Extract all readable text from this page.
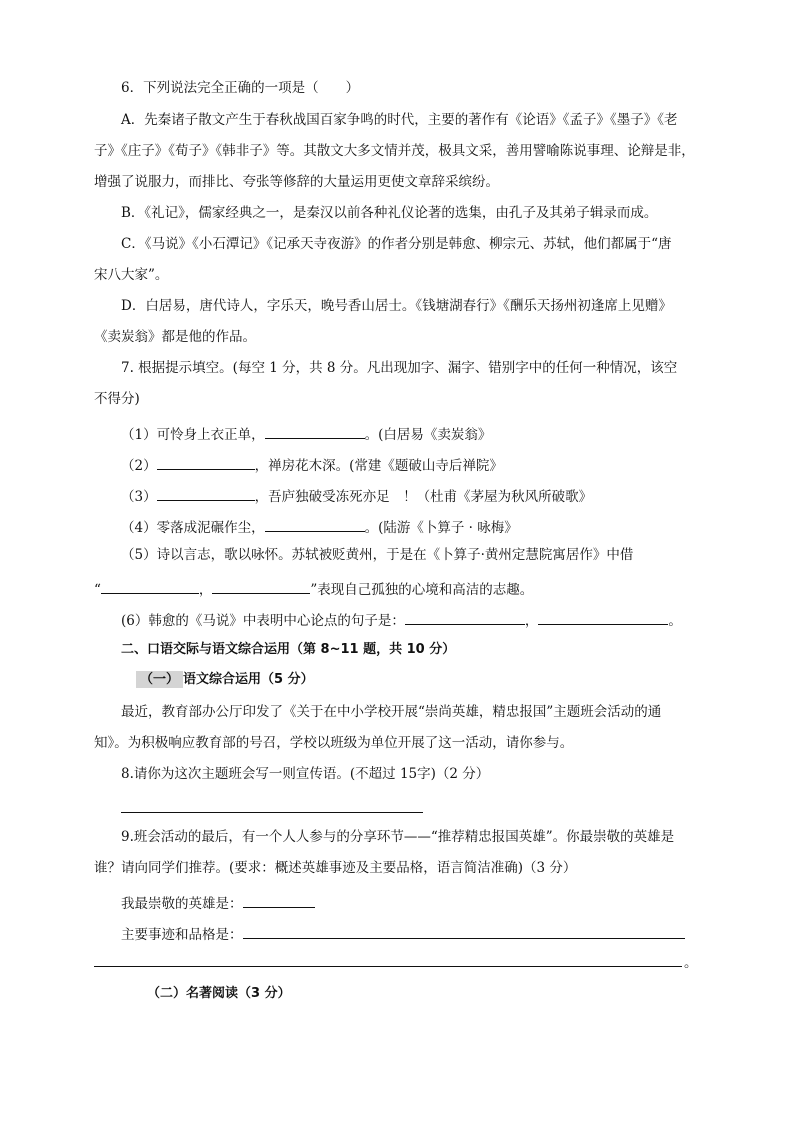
6．下列说法完全正确的一项是（　　）
A．先秦诸子散文产生于春秋战国百家争鸣的时代，主要的著作有《论语》《孟子》《墨子》《老
子》《庄子》《荀子》《韩非子》等。其散文大多文情并茂，极具文采，善用譬喻陈说事理、论辩是非，
增强了说服力，而排比、夸张等修辞的大量运用更使文章辞采缤纷。
B．《礼记》，儒家经典之一，是秦汉以前各种礼仪论著的选集，由孔子及其弟子辑录而成。
C．《马说》《小石潭记》《记承天寺夜游》的作者分别是韩愈、柳宗元、苏轼，他们都属于“唐
宋八大家”。
D．白居易，唐代诗人，字乐天，晚号香山居士。《钱塘湖春行》《酬乐天扬州初逢席上见赠》
《卖炭翁》都是他的作品。
7. 根据提示填空。(每空 1 分，共 8 分。凡出现加字、漏字、错别字中的任何一种情况，该空
不得分)
（1）可怜身上衣正单，	。(白居易《卖炭翁》
（2）	，禅房花木深。(常建《题破山寺后禅院》
（3）	，吾庐独破受冻死亦足　！（杜甫《茅屋为秋风所破歌》
（4）零落成泥碾作尘，	。(陆游《卜算子 · 咏梅》
（5）诗以言志，歌以咏怀。苏轼被贬黄州，于是在《卜算子·黄州定慧院寓居作》中借
“	，	”表现自己孤独的心境和高洁的志趣。
(6）韩愈的《马说》中表明中心论点的句子是：	，	。
二、口语交际与语文综合运用（第 8~11 题，共 10 分）
（一） 语文综合运用（5 分）
最近，教育部办公厅印发了《关于在中小学校开展“崇尚英雄，精忠报国”主题班会活动的通
知》。为积极响应教育部的号召，学校以班级为单位开展了这一活动，请你参与。
8.请你为这次主题班会写一则宣传语。(不超过 15字)（2 分）
9.班会活动的最后，有一个人人参与的分享环节——“推荐精忠报国英雄”。你最崇敬的英雄是
谁？请向同学们推荐。(要求：概述英雄事迹及主要品格，语言简洁准确)（3 分）
我最崇敬的英雄是：
主要事迹和品格是：
。
（二）名著阅读（3 分）
